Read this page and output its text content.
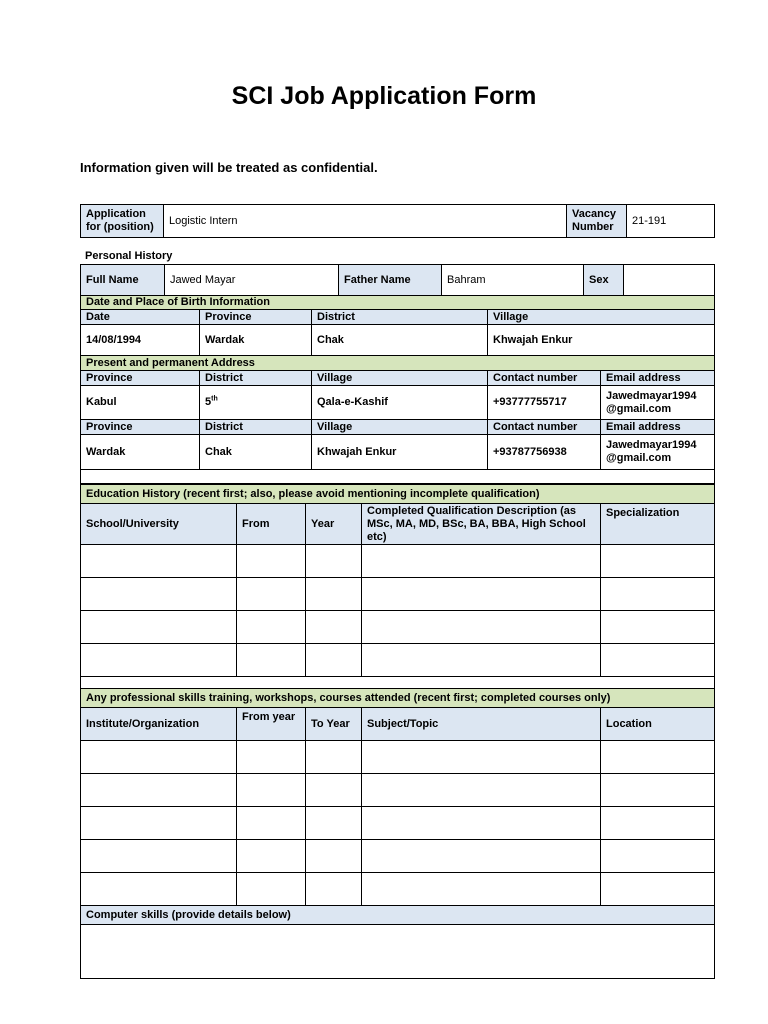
SCI Job Application Form
Information given will be treated as confidential.
Application for (position)	Logistic Intern	Vacancy Number	21-191
Personal History
Full Name	Jawed Mayar	Father Name	Bahram	Sex	
Date and Place of Birth Information				
Date	Province	District	Village	
14/08/1994	Wardak	Chak	Khwajah Enkur	
Present and permanent Address				
Province	District	Village	Contact number	Email address
Kabul	5th	Qala-e-Kashif	+93777755717	Jawedmayar1994
@gmail.com
Province	District	Village	Contact number	Email address
Wardak	Chak	Khwajah Enkur	+93787756938	Jawedmayar1994
@gmail.com

Education History (recent first; also, please avoid mentioning incomplete qualification)				
School/University	From	Year	Completed Qualification Description (as MSc, MA, MD, BSc, BA, BBA, High School etc)	Specialization

Any professional skills training, workshops, courses attended (recent first; completed courses only)				
Institute/Organization	From year	To Year	Subject/Topic	Location

Computer skills (provide details below)
